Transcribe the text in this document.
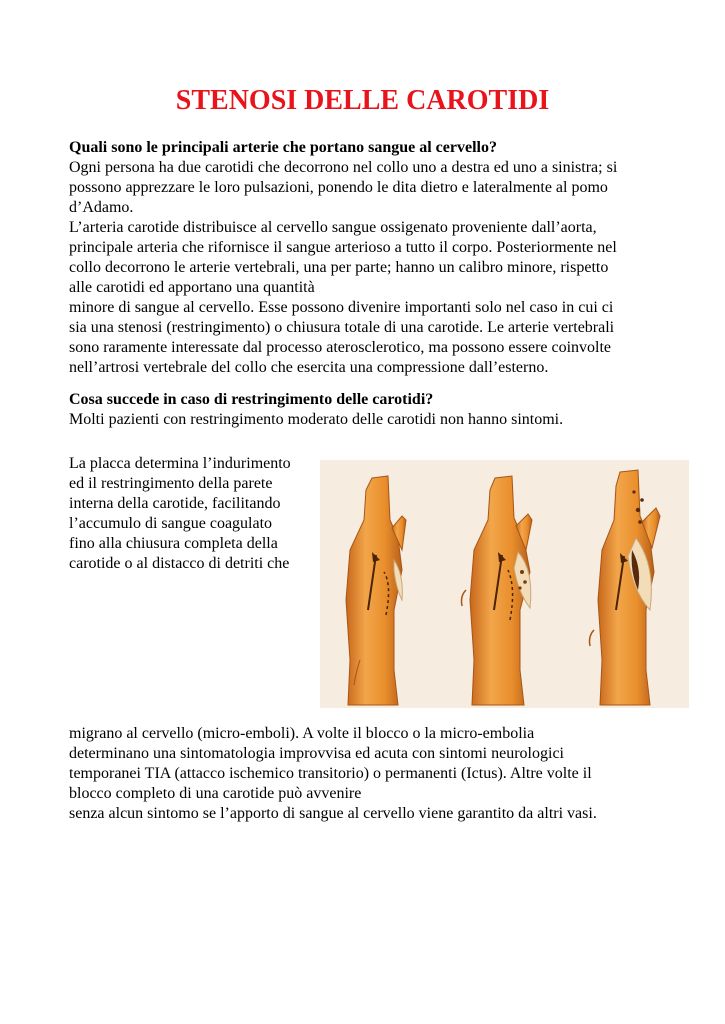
STENOSI DELLE CAROTIDI
Quali sono le principali arterie che portano sangue al cervello?
Ogni persona ha due carotidi che decorrono nel collo uno a destra ed uno a sinistra; si
possono apprezzare le loro pulsazioni, ponendo le dita dietro e lateralmente al pomo
d’Adamo.
L’arteria carotide distribuisce al cervello sangue ossigenato proveniente dall’aorta,
principale arteria che rifornisce il sangue arterioso a tutto il corpo. Posteriormente nel
collo decorrono le arterie vertebrali, una per parte; hanno un calibro minore, rispetto
alle carotidi ed apportano una quantità
minore di sangue al cervello. Esse possono divenire importanti solo nel caso in cui ci
sia una stenosi (restringimento) o chiusura totale di una carotide. Le arterie vertebrali
sono raramente interessate dal processo aterosclerotico, ma possono essere coinvolte
nell’artrosi vertebrale del collo che esercita una compressione dall’esterno.
Cosa succede in caso di restringimento delle carotidi?
Molti pazienti con restringimento moderato delle carotidi non hanno sintomi.
La placca determina l’indurimento
ed il restringimento della parete
interna della carotide, facilitando
l’accumulo di sangue coagulato
fino alla chiusura completa della
carotide o al distacco di detriti che
migrano al cervello (micro-emboli). A volte il blocco o la micro-embolia
determinano una sintomatologia improvvisa ed acuta con sintomi neurologici
temporanei TIA (attacco ischemico transitorio) o permanenti (Ictus). Altre volte il
blocco completo di una carotide può avvenire
senza alcun sintomo se l’apporto di sangue al cervello viene garantito da altri vasi.
